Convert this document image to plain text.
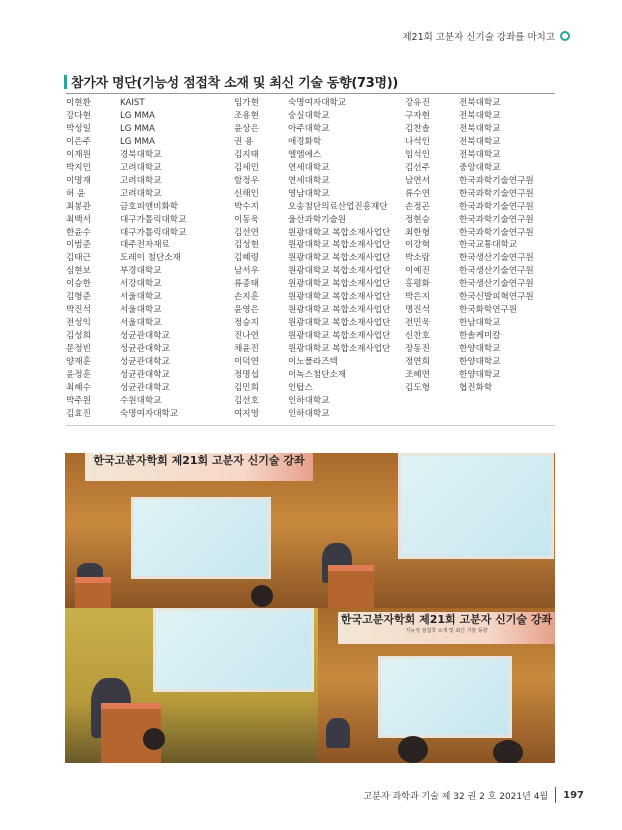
제21회 고분자 신기술 강좌를 마치고
참가자 명단(기능성 점접착 소재 및 최신 기술 동향(73명))
이현환	KAIST
강다현	LG MMA
박성일	LG MMA
이은주	LG MMA
이재원	경북대학교
박지민	고려대학교
이명재	고려대학교
허 윤	고려대학교
최봉관	금호피앤비화학
최백서	대구가톨릭대학교
한윤수	대구가톨릭대학교
이범준	대주전자재료
김태근	도레이 첨단소재
심현보	부경대학교
이승한	서강대학교
김형준	서울대학교
박진석	서울대학교
전성익	서울대학교
김성희	성균관대학교
문정빈	성균관대학교
양재훈	성균관대학교
윤정훈	성균관대학교
최혜수	성균관대학교
박주원	수원대학교
김효진	숙명여자대학교
임가현	숙명여자대학교
조용현	숭실대학교
윤상은	아주대학교
권 용	애경화학
김지태	엘엠에스
김세민	연세대학교
함정우	연세대학교
신해인	영남대학교
박수지	오송첨단의료산업진흥재단
이동욱	울산과학기술원
김선연	원광대학교 복합소재사업단
김성현	원광대학교 복합소재사업단
김혜령	원광대학교 복합소재사업단
남서우	원광대학교 복합소재사업단
류종태	원광대학교 복합소재사업단
손지훈	원광대학교 복합소재사업단
윤영은	원광대학교 복합소재사업단
정승지	원광대학교 복합소재사업단
진나연	원광대학교 복합소재사업단
채윤진	원광대학교 복합소재사업단
이덕연	이노폴라즈텍
정명섭	이녹스첨단소재
김민희	인탑스
김선호	인하대학교
여지영	인하대학교
강유진	전북대학교
구자현	전북대학교
김찬솔	전북대학교
나석인	전북대학교
임석인	전북대학교
김선주	중앙대학교
남연서	한국과학기술연구원
류수연	한국과학기술연구원
손정곤	한국과학기술연구원
정현승	한국과학기술연구원
최한형	한국과학기술연구원
이강혁	한국교통대학교
박소람	한국생산기술연구원
이예진	한국생산기술연구원
홍평화	한국생산기술연구원
박은지	한국신발피혁연구원
명진석	한국화학연구원
전민욱	한남대학교
신찬호	한솔케미칼
장동진	한양대학교
정연희	한양대학교
조혜연	한양대학교
김도형	협진화학
한국고분자학회 제21회 고분자 신기술 강좌

한국고분자학회 제21회 고분자 신기술 강좌
기능성 점접착 소재 및 최신 기술 동향
고분자 과학과 기술 제 32 권 2 호 2021년 4월 197
